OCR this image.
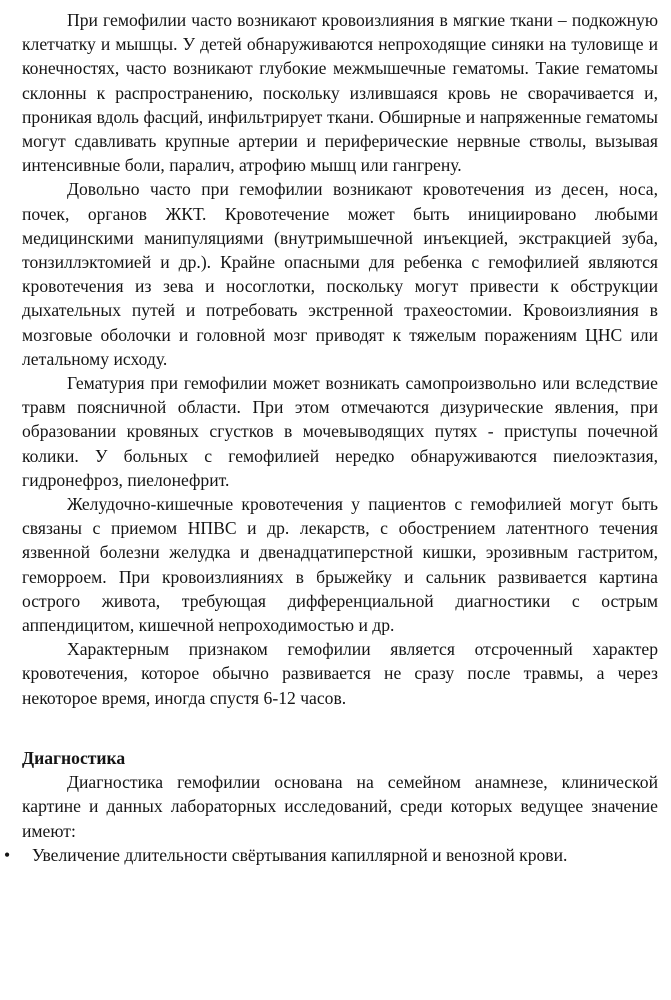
При гемофилии часто возникают кровоизлияния в мягкие ткани – подкожную клетчатку и мышцы. У детей обнаруживаются непроходящие синяки на туловище и конечностях, часто возникают глубокие межмышечные гематомы. Такие гематомы склонны к распространению, поскольку излившаяся кровь не сворачивается и, проникая вдоль фасций, инфильтрирует ткани. Обширные и напряженные гематомы могут сдавливать крупные артерии и периферические нервные стволы, вызывая интенсивные боли, паралич, атрофию мышц или гангрену.

Довольно часто при гемофилии возникают кровотечения из десен, носа, почек, органов ЖКТ. Кровотечение может быть инициировано любыми медицинскими манипуляциями (внутримышечной инъекцией, экстракцией зуба, тонзиллэктомией и др.). Крайне опасными для ребенка с гемофилией являются кровотечения из зева и носоглотки, поскольку могут привести к обструкции дыхательных путей и потребовать экстренной трахеостомии. Кровоизлияния в мозговые оболочки и головной мозг приводят к тяжелым поражениям ЦНС или летальному исходу.

Гематурия при гемофилии может возникать самопроизвольно или вследствие травм поясничной области. При этом отмечаются дизурические явления, при образовании кровяных сгустков в мочевыводящих путях - приступы почечной колики. У больных с гемофилией нередко обнаруживаются пиелоэктазия, гидронефроз, пиелонефрит.

Желудочно-кишечные кровотечения у пациентов с гемофилией могут быть связаны с приемом НПВС и др. лекарств, с обострением латентного течения язвенной болезни желудка и двенадцатиперстной кишки, эрозивным гастритом, геморроем. При кровоизлияниях в брыжейку и сальник развивается картина острого живота, требующая дифференциальной диагностики с острым аппендицитом, кишечной непроходимостью и др.

Характерным признаком гемофилии является отсроченный характер кровотечения, которое обычно развивается не сразу после травмы, а через некоторое время, иногда спустя 6-12 часов.

Диагностика

Диагностика гемофилии основана на семейном анамнезе, клинической картине и данных лабораторных исследований, среди которых ведущее значение имеют:

• Увеличение длительности свёртывания капиллярной и венозной крови.
